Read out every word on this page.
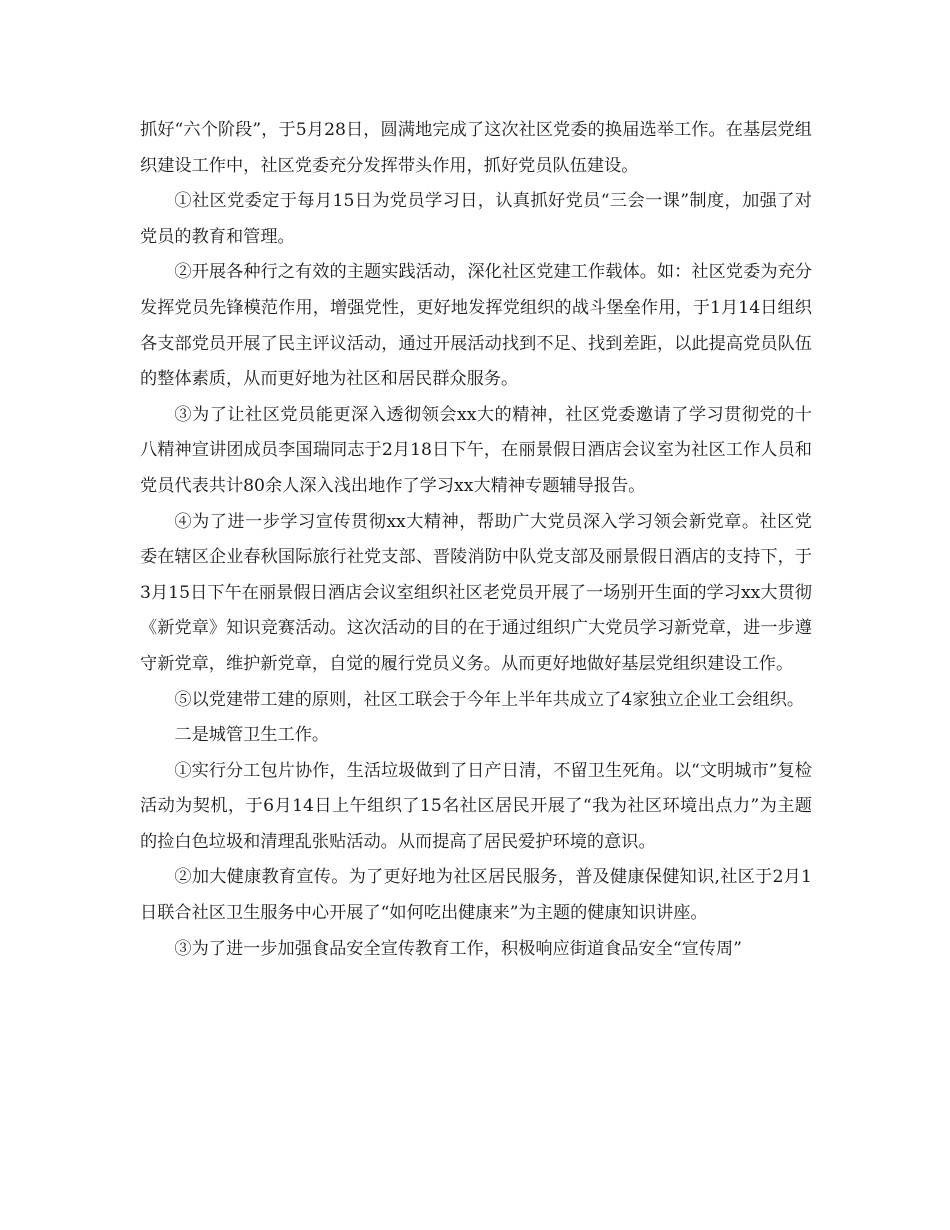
抓好“六个阶段”，于5月28日，圆满地完成了这次社区党委的换届选举工作。在基层党组织建设工作中，社区党委充分发挥带头作用，抓好党员队伍建设。

①社区党委定于每月15日为党员学习日，认真抓好党员“三会一课”制度，加强了对党员的教育和管理。

②开展各种行之有效的主题实践活动，深化社区党建工作载体。如：社区党委为充分发挥党员先锋模范作用，增强党性，更好地发挥党组织的战斗堡垒作用，于1月14日组织各支部党员开展了民主评议活动，通过开展活动找到不足、找到差距，以此提高党员队伍的整体素质，从而更好地为社区和居民群众服务。

③为了让社区党员能更深入透彻领会xx大的精神，社区党委邀请了学习贯彻党的十八精神宣讲团成员李国瑞同志于2月18日下午，在丽景假日酒店会议室为社区工作人员和党员代表共计80余人深入浅出地作了学习xx大精神专题辅导报告。

④为了进一步学习宣传贯彻xx大精神，帮助广大党员深入学习领会新党章。社区党委在辖区企业春秋国际旅行社党支部、晋陵消防中队党支部及丽景假日酒店的支持下，于3月15日下午在丽景假日酒店会议室组织社区老党员开展了一场别开生面的学习xx大贯彻《新党章》知识竞赛活动。这次活动的目的在于通过组织广大党员学习新党章，进一步遵守新党章，维护新党章，自觉的履行党员义务。从而更好地做好基层党组织建设工作。

⑤以党建带工建的原则，社区工联会于今年上半年共成立了4家独立企业工会组织。

二是城管卫生工作。

①实行分工包片协作，生活垃圾做到了日产日清，不留卫生死角。以“文明城市”复检活动为契机，于6月14日上午组织了15名社区居民开展了“我为社区环境出点力”为主题的捡白色垃圾和清理乱张贴活动。从而提高了居民爱护环境的意识。

②加大健康教育宣传。为了更好地为社区居民服务，普及健康保健知识,社区于2月1日联合社区卫生服务中心开展了“如何吃出健康来”为主题的健康知识讲座。

③为了进一步加强食品安全宣传教育工作，积极响应街道食品安全“宣传周”
